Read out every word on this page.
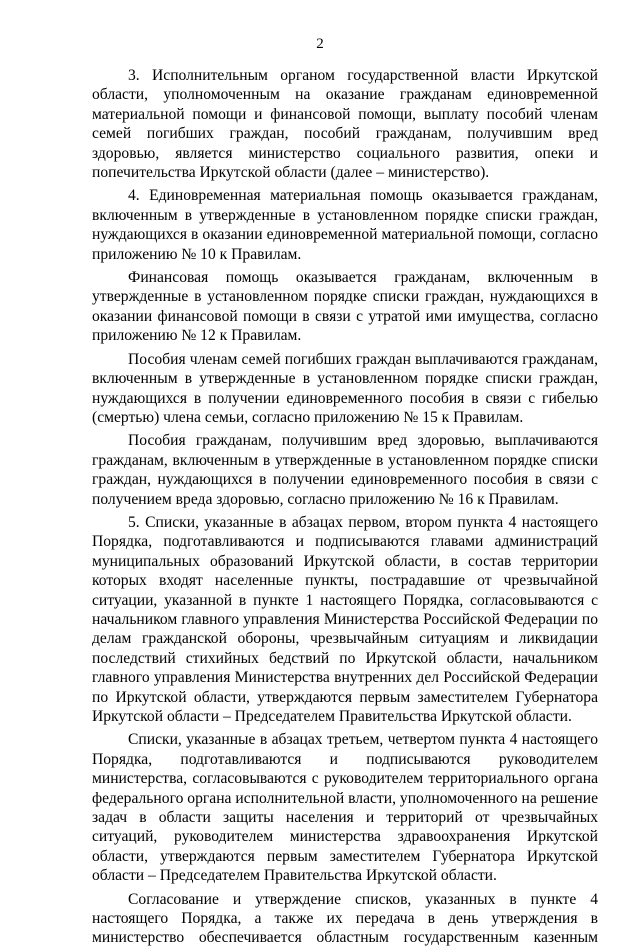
2

3. Исполнительным органом государственной власти Иркутской области, уполномоченным на оказание гражданам единовременной материальной помощи и финансовой помощи, выплату пособий членам семей погибших граждан, пособий гражданам, получившим вред здоровью, является министерство социального развития, опеки и попечительства Иркутской области (далее – министерство).

4. Единовременная материальная помощь оказывается гражданам, включенным в утвержденные в установленном порядке списки граждан, нуждающихся в оказании единовременной материальной помощи, согласно приложению № 10 к Правилам.

Финансовая помощь оказывается гражданам, включенным в утвержденные в установленном порядке списки граждан, нуждающихся в оказании финансовой помощи в связи с утратой ими имущества, согласно приложению № 12 к Правилам.

Пособия членам семей погибших граждан выплачиваются гражданам, включенным в утвержденные в установленном порядке списки граждан, нуждающихся в получении единовременного пособия в связи с гибелью (смертью) члена семьи, согласно приложению № 15 к Правилам.

Пособия гражданам, получившим вред здоровью, выплачиваются гражданам, включенным в утвержденные в установленном порядке списки граждан, нуждающихся в получении единовременного пособия в связи с получением вреда здоровью, согласно приложению № 16 к Правилам.

5. Списки, указанные в абзацах первом, втором пункта 4 настоящего Порядка, подготавливаются и подписываются главами администраций муниципальных образований Иркутской области, в состав территории которых входят населенные пункты, пострадавшие от чрезвычайной ситуации, указанной в пункте 1 настоящего Порядка, согласовываются с начальником главного управления Министерства Российской Федерации по делам гражданской обороны, чрезвычайным ситуациям и ликвидации последствий стихийных бедствий по Иркутской области, начальником главного управления Министерства внутренних дел Российской Федерации по Иркутской области, утверждаются первым заместителем Губернатора Иркутской области – Председателем Правительства Иркутской области.

Списки, указанные в абзацах третьем, четвертом пункта 4 настоящего Порядка, подготавливаются и подписываются руководителем министерства, согласовываются с руководителем территориального органа федерального органа исполнительной власти, уполномоченного на решение задач в области защиты населения и территорий от чрезвычайных ситуаций, руководителем министерства здравоохранения Иркутской области, утверждаются первым заместителем Губернатора Иркутской области – Председателем Правительства Иркутской области.

Согласование и утверждение списков, указанных в пункте 4 настоящего Порядка, а также их передача в день утверждения в министерство обеспечивается областным государственным казенным
